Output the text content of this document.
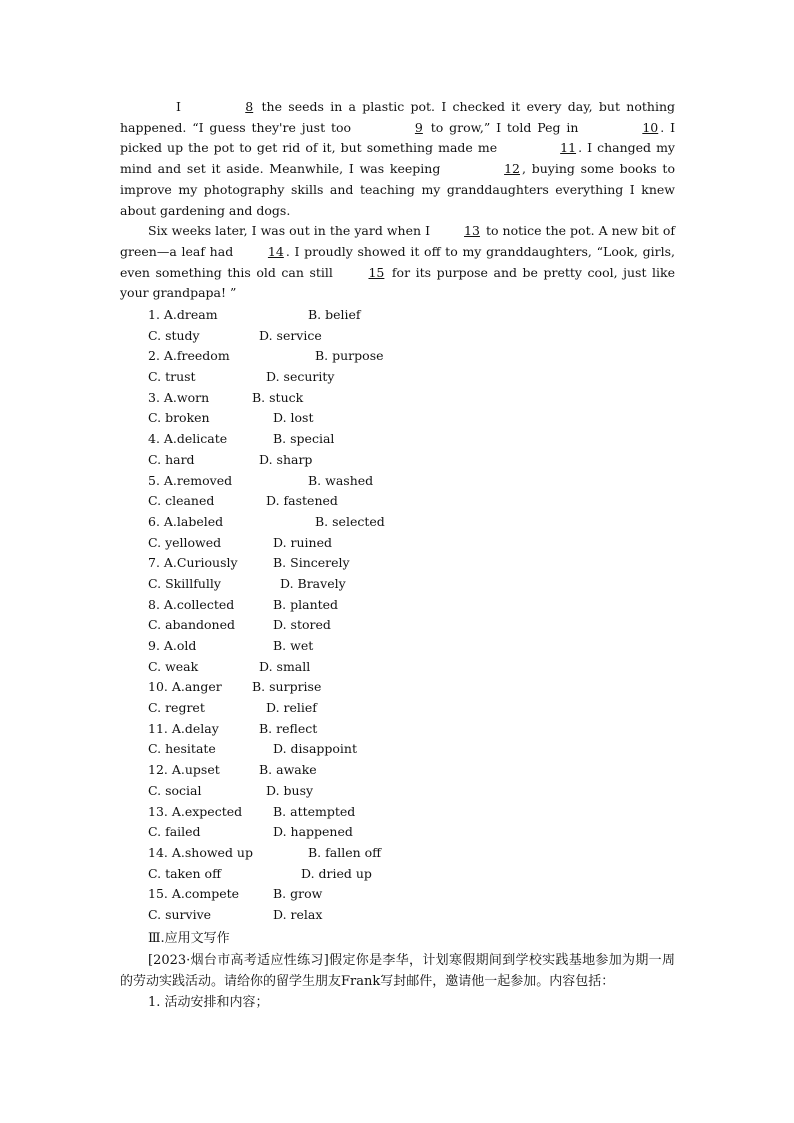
I	8 the seeds in a plastic pot. I checked it every day, but nothing happened. “I guess they're just too	9 to grow,” I told Peg in	10 . I picked up the pot to get rid of it, but something made me	11 . I changed my mind and set it aside. Meanwhile, I was keeping	12 , buying some books to improve my photography skills and teaching my granddaughters everything I knew about gardening and dogs.

Six weeks later, I was out in the yard when I 13 to notice the pot. A new bit of green—a leaf had 14 . I proudly showed it off to my granddaughters, “Look, girls, even something this old can still 15 for its purpose and be pretty cool, just like your grandpapa! ”

1. A.dream	B. belief
C. study	D. service
2. A.freedom	B. purpose
C. trust	D. security
3. A.worn	B. stuck
C. broken	D. lost
4. A.delicate	B. special
C. hard	D. sharp
5. A.removed	B. washed
C. cleaned	D. fastened
6. A.labeled	B. selected
C. yellowed	D. ruined
7. A.Curiously	B. Sincerely
C. Skillfully	D. Bravely
8. A.collected	B. planted
C. abandoned	D. stored
9. A.old	B. wet
C. weak	D. small
10. A.anger B. surprise
C. regret	D. relief
11. A.delay	B. reflect
C. hesitate	D. disappoint
12. A.upset	B. awake
C. social	D. busy
13. A.expected B. attempted
C. failed	D. happened
14. A.showed up	B. fallen off
C. taken off	D. dried up
15. A.compete	B. grow
C. survive	D. relax
Ⅲ.应用文写作

[2023·烟台市高考适应性练习]假定你是李华，计划寒假期间到学校实践基地参加为期一周的劳动实践活动。请给你的留学生朋友Frank写封邮件，邀请他一起参加。内容包括：

1. 活动安排和内容；
